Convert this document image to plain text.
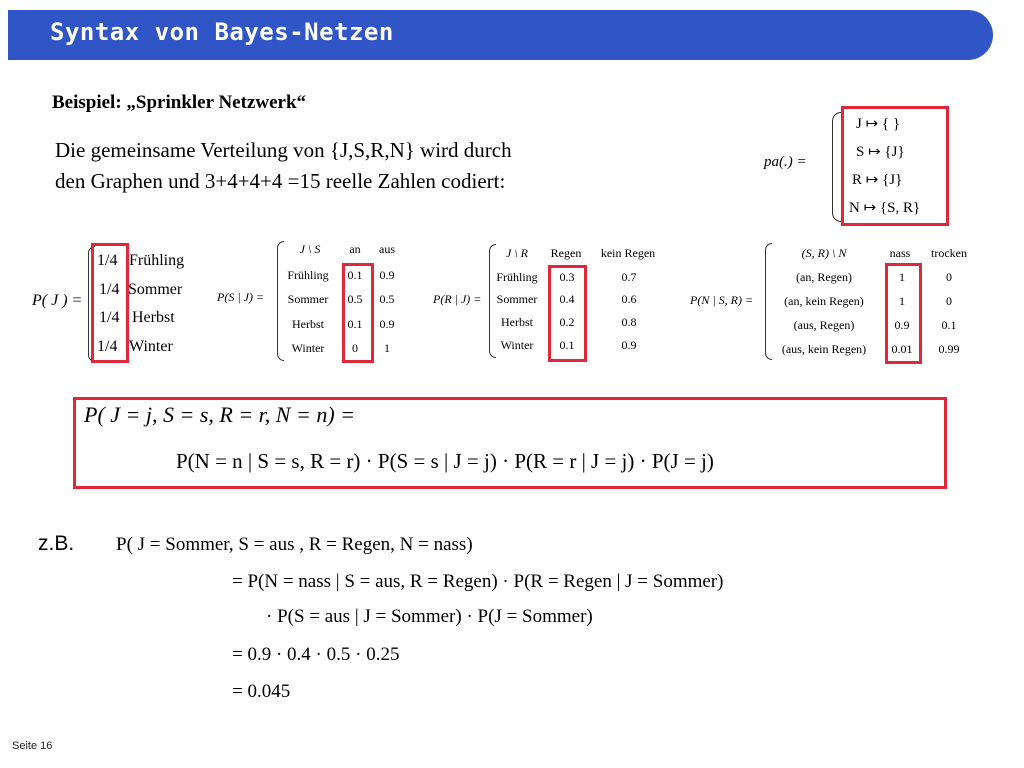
Syntax von Bayes-Netzen
Beispiel: „Sprinkler Netzwerk“
Die gemeinsame Verteilung von {J,S,R,N} wird durch
den Graphen und 3+4+4+4 =15 reelle Zahlen codiert:
pa(.) =
J ↦ { }
S ↦ {J}
R ↦ {J}
N ↦ {S, R}
P( J ) =
1/4 Frühling
1/4 Sommer
1/4 Herbst
1/4 Winter
P(S | J) =
J \ S	an	aus
Frühling	0.1	0.9
Sommer	0.5	0.5
Herbst	0.1	0.9
Winter	0	1
P(R | J) =
J \ R	Regen	kein Regen
Frühling	0.3	0.7
Sommer	0.4	0.6
Herbst	0.2	0.8
Winter	0.1	0.9
P(N | S, R) =
(S, R) \ N	nass	trocken
(an, Regen)	1	0
(an, kein Regen)	1	0
(aus, Regen)	0.9	0.1
(aus, kein Regen)	0.01	0.99
P( J = j, S = s, R = r, N = n) =
P(N = n | S = s, R = r) · P(S = s | J = j) · P(R = r | J = j) · P(J = j)
z.B. P( J = Sommer, S = aus , R = Regen, N = nass)
= P(N = nass | S = aus, R = Regen) · P(R = Regen | J = Sommer)
· P(S = aus | J = Sommer) · P(J = Sommer)
= 0.9 · 0.4 · 0.5 · 0.25
= 0.045
Seite 16
